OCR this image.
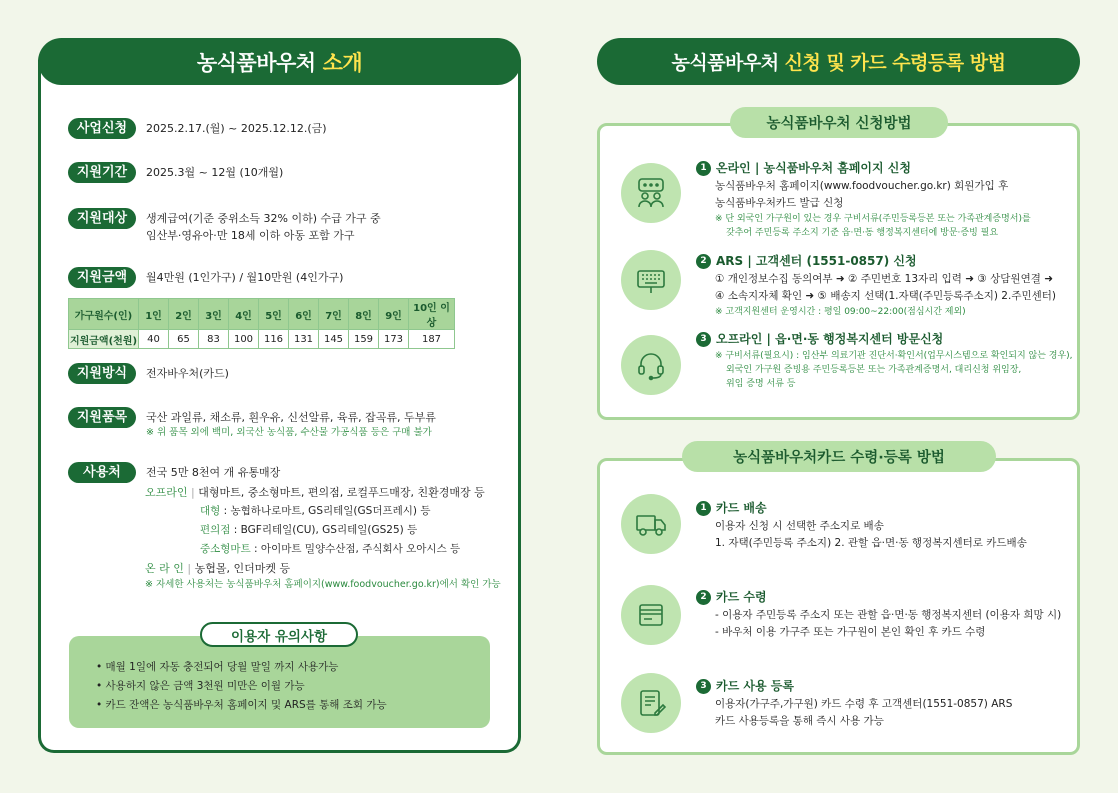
농식품바우처 소개
사업신청	2025.2.17.(월) ~ 2025.12.12.(금)
지원기간	2025.3월 ~ 12월 (10개월)
지원대상	생계급여(기준 중위소득 32% 이하) 수급 가구 중
임산부·영유아·만 18세 이하 아동 포함 가구
지원금액	월4만원 (1인가구) / 월10만원 (4인가구)
가구원수(인)	1인	2인	3인	4인	5인	6인	7인	8인	9인	10인 이상
지원금액(천원)	40	65	83	100	116	131	145	159	173	187
지원방식	전자바우처(카드)
지원품목	국산 과일류, 채소류, 흰우유, 신선알류, 육류, 잡곡류, 두부류
※ 위 품목 외에 백미, 외국산 농식품, 수산물 가공식품 등은 구매 불가
사용처	전국 5만 8천여 개 유통매장
오프라인 | 대형마트, 중소형마트, 편의점, 로컬푸드매장, 친환경매장 등
대형 : 농협하나로마트, GS리테일(GS더프레시) 등
편의점 : BGF리테일(CU), GS리테일(GS25) 등
중소형마트 : 아이마트 밀양수산점, 주식회사 오아시스 등
온 라 인 | 농협몰, 인더마켓 등
※ 자세한 사용처는 농식품바우처 홈페이지(www.foodvoucher.go.kr)에서 확인 가능
이용자 유의사항
• 매월 1일에 자동 충전되어 당월 말일 까지 사용가능
• 사용하지 않은 금액 3천원 미만은 이월 가능
• 카드 잔액은 농식품바우처 홈페이지 및 ARS를 통해 조회 가능
농식품바우처 신청 및 카드 수령등록 방법
농식품바우처 신청방법
1 온라인 | 농식품바우처 홈페이지 신청
농식품바우처 홈페이지(www.foodvoucher.go.kr) 회원가입 후
농식품바우처카드 발급 신청
※ 단 외국인 가구원이 있는 경우 구비서류(주민등록등본 또는 가족관계증명서)를
갖추어 주민등록 주소지 기준 읍·면·동 행정복지센터에 방문·증빙 필요
2 ARS | 고객센터 (1551-0857) 신청
① 개인정보수집 동의여부 ➜ ② 주민번호 13자리 입력 ➜ ③ 상담원연결 ➜
④ 소속지자체 확인 ➜ ⑤ 배송지 선택(1.자택(주민등록주소지) 2.주민센터)
※ 고객지원센터 운영시간 : 평일 09:00~22:00(점심시간 제외)
3 오프라인 | 읍·면·동 행정복지센터 방문신청
※ 구비서류(필요시) : 임산부 의료기관 진단서·확인서(업무시스템으로 확인되지 않는 경우),
외국인 가구원 증빙용 주민등록등본 또는 가족관계증명서, 대리신청 위임장,
위임 증명 서류 등
농식품바우처카드 수령·등록 방법
1 카드 배송
이용자 신청 시 선택한 주소지로 배송
1. 자택(주민등록 주소지) 2. 관할 읍·면·동 행정복지센터로 카드배송
2 카드 수령
- 이용자 주민등록 주소지 또는 관할 읍·면·동 행정복지센터 (이용자 희망 시)
- 바우처 이용 가구주 또는 가구원이 본인 확인 후 카드 수령
3 카드 사용 등록
이용자(가구주,가구원) 카드 수령 후 고객센터(1551-0857) ARS
카드 사용등록을 통해 즉시 사용 가능
